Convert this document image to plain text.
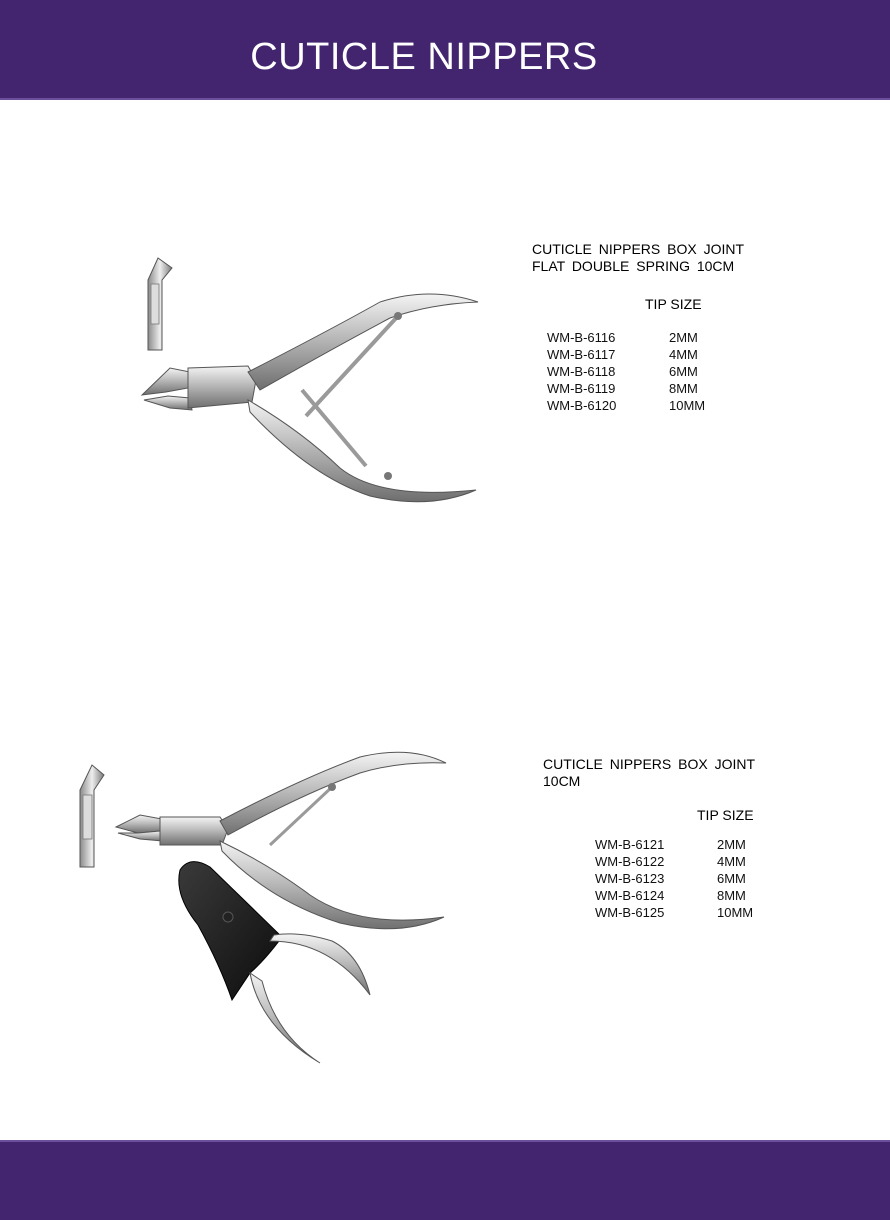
CUTICLE NIPPERS
CUTICLE NIPPERS BOX JOINT
FLAT DOUBLE SPRING 10CM
TIP SIZE
WM-B-6116	2MM
WM-B-6117	4MM
WM-B-6118	6MM
WM-B-6119	8MM
WM-B-6120	10MM
CUTICLE NIPPERS BOX JOINT
10CM
TIP SIZE
WM-B-6121	2MM
WM-B-6122	4MM
WM-B-6123	6MM
WM-B-6124	8MM
WM-B-6125	10MM
